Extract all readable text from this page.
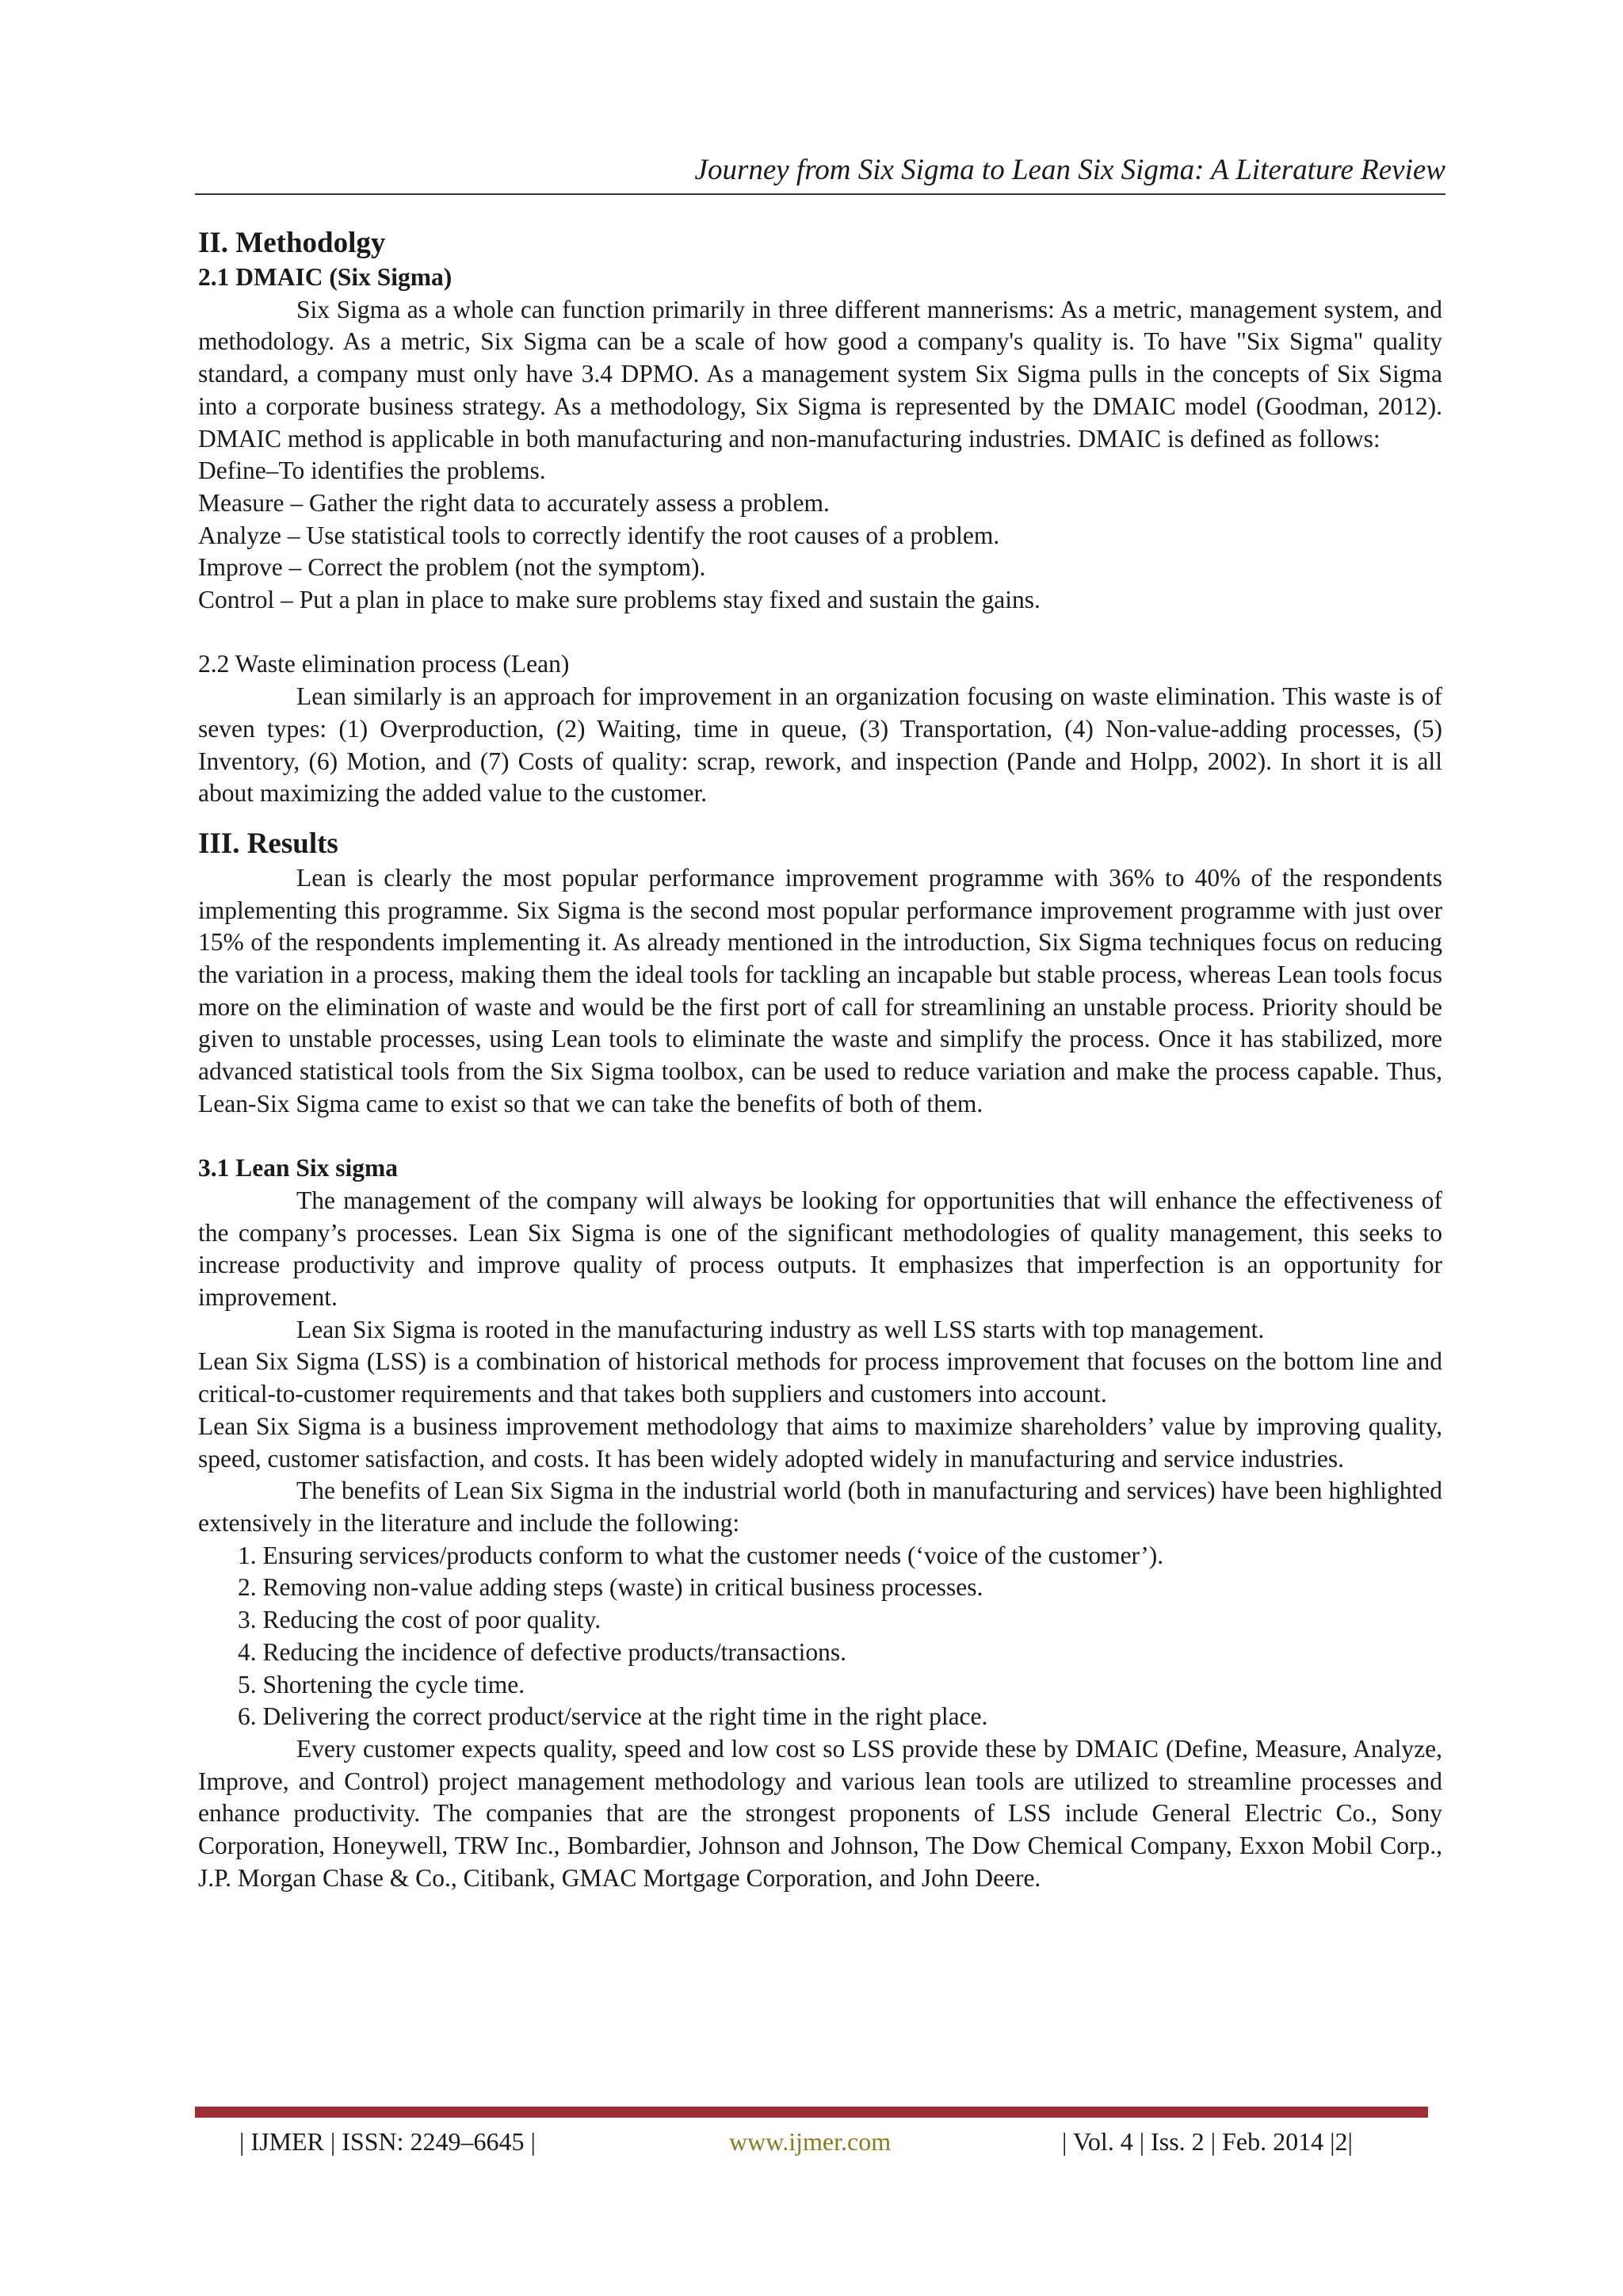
Journey from Six Sigma to Lean Six Sigma: A Literature Review

II. Methodolgy

2.1 DMAIC (Six Sigma)

Six Sigma as a whole can function primarily in three different mannerisms: As a metric, management system, and methodology. As a metric, Six Sigma can be a scale of how good a company's quality is. To have "Six Sigma" quality standard, a company must only have 3.4 DPMO. As a management system Six Sigma pulls in the concepts of Six Sigma into a corporate business strategy. As a methodology, Six Sigma is represented by the DMAIC model (Goodman, 2012). DMAIC method is applicable in both manufacturing and non-manufacturing industries. DMAIC is defined as follows:

Define–To identifies the problems.

Measure – Gather the right data to accurately assess a problem.

Analyze – Use statistical tools to correctly identify the root causes of a problem.

Improve – Correct the problem (not the symptom).

Control – Put a plan in place to make sure problems stay fixed and sustain the gains.

2.2 Waste elimination process (Lean)

Lean similarly is an approach for improvement in an organization focusing on waste elimination. This waste is of seven types: (1) Overproduction, (2) Waiting, time in queue, (3) Transportation, (4) Non-value-adding processes, (5) Inventory, (6) Motion, and (7) Costs of quality: scrap, rework, and inspection (Pande and Holpp, 2002). In short it is all about maximizing the added value to the customer.

III. Results

Lean is clearly the most popular performance improvement programme with 36% to 40% of the respondents implementing this programme. Six Sigma is the second most popular performance improvement programme with just over 15% of the respondents implementing it. As already mentioned in the introduction, Six Sigma techniques focus on reducing the variation in a process, making them the ideal tools for tackling an incapable but stable process, whereas Lean tools focus more on the elimination of waste and would be the first port of call for streamlining an unstable process. Priority should be given to unstable processes, using Lean tools to eliminate the waste and simplify the process. Once it has stabilized, more advanced statistical tools from the Six Sigma toolbox, can be used to reduce variation and make the process capable. Thus, Lean-Six Sigma came to exist so that we can take the benefits of both of them.

3.1 Lean Six sigma

The management of the company will always be looking for opportunities that will enhance the effectiveness of the company’s processes. Lean Six Sigma is one of the significant methodologies of quality management, this seeks to increase productivity and improve quality of process outputs. It emphasizes that imperfection is an opportunity for improvement.

Lean Six Sigma is rooted in the manufacturing industry as well LSS starts with top management.

Lean Six Sigma (LSS) is a combination of historical methods for process improvement that focuses on the bottom line and critical-to-customer requirements and that takes both suppliers and customers into account.

Lean Six Sigma is a business improvement methodology that aims to maximize shareholders’ value by improving quality, speed, customer satisfaction, and costs. It has been widely adopted widely in manufacturing and service industries.

The benefits of Lean Six Sigma in the industrial world (both in manufacturing and services) have been highlighted extensively in the literature and include the following:

1. Ensuring services/products conform to what the customer needs (‘voice of the customer’).
2. Removing non-value adding steps (waste) in critical business processes.
3. Reducing the cost of poor quality.
4. Reducing the incidence of defective products/transactions.
5. Shortening the cycle time.
6. Delivering the correct product/service at the right time in the right place.

Every customer expects quality, speed and low cost so LSS provide these by DMAIC (Define, Measure, Analyze, Improve, and Control) project management methodology and various lean tools are utilized to streamline processes and enhance productivity. The companies that are the strongest proponents of LSS include General Electric Co., Sony Corporation, Honeywell, TRW Inc., Bombardier, Johnson and Johnson, The Dow Chemical Company, Exxon Mobil Corp., J.P. Morgan Chase & Co., Citibank, GMAC Mortgage Corporation, and John Deere.

| IJMER | ISSN: 2249–6645 |	www.ijmer.com	| Vol. 4 | Iss. 2 | Feb. 2014 |2|
